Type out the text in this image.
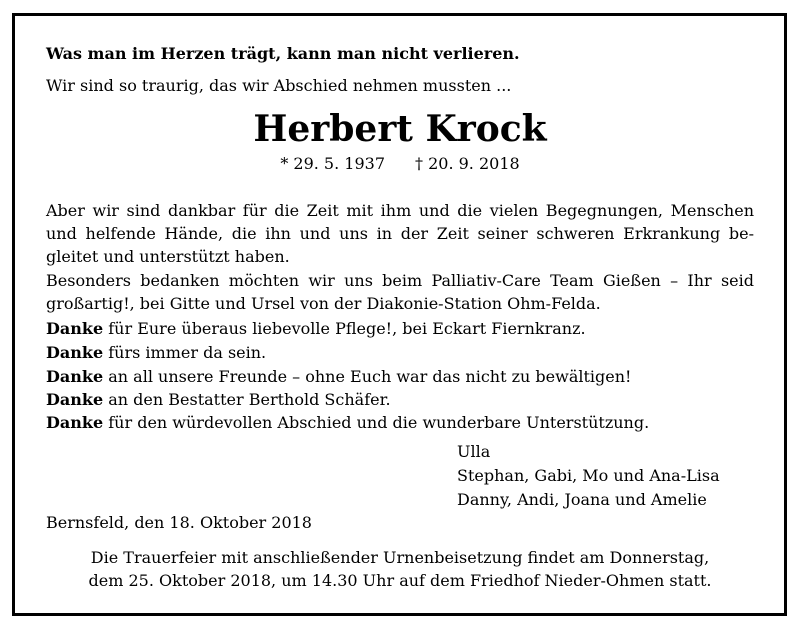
Was man im Herzen trägt, kann man nicht verlieren.
Wir sind so traurig, das wir Abschied nehmen mussten ...
Herbert Krock
* 29. 5. 1937 † 20. 9. 2018
Aber wir sind dankbar für die Zeit mit ihm und die vielen Begegnungen, Menschen
und helfende Hände, die ihn und uns in der Zeit seiner schweren Erkrankung be-
gleitet und unterstützt haben.
Besonders bedanken möchten wir uns beim Palliativ-Care Team Gießen – Ihr seid
großartig!, bei Gitte und Ursel von der Diakonie-Station Ohm-Felda.
Danke für Eure überaus liebevolle Pflege!, bei Eckart Fiernkranz.
Danke fürs immer da sein.
Danke an all unsere Freunde – ohne Euch war das nicht zu bewältigen!
Danke an den Bestatter Berthold Schäfer.
Danke für den würdevollen Abschied und die wunderbare Unterstützung.
Ulla
Stephan, Gabi, Mo und Ana-Lisa
Danny, Andi, Joana und Amelie
Bernsfeld, den 18. Oktober 2018
Die Trauerfeier mit anschließender Urnenbeisetzung findet am Donnerstag,
dem 25. Oktober 2018, um 14.30 Uhr auf dem Friedhof Nieder-Ohmen statt.
